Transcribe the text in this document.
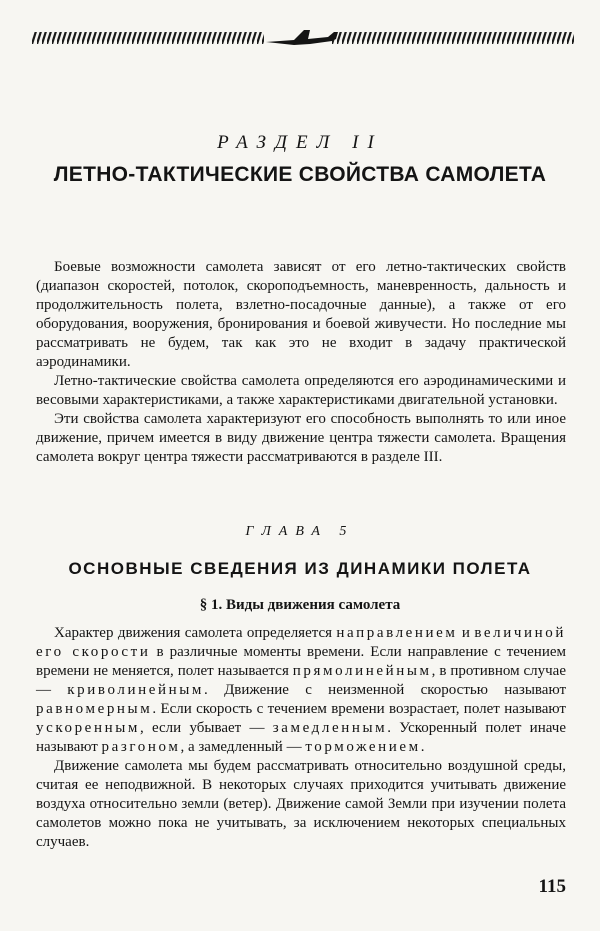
РАЗДЕЛ II
ЛЕТНО-ТАКТИЧЕСКИЕ СВОЙСТВА САМОЛЕТА

Боевые возможности самолета зависят от его летно-тактических свойств (диапазон скоростей, потолок, скороподъемность, маневренность, дальность и продолжительность полета, взлетно-посадочные данные), а также от его оборудования, вооружения, бронирования и боевой живучести. Но последние мы рассматривать не будем, так как это не входит в задачу практической аэродинамики.

Летно-тактические свойства самолета определяются его аэродинамическими и весовыми характеристиками, а также характеристиками двигательной установки.

Эти свойства самолета характеризуют его способность выполнять то или иное движение, причем имеется в виду движение центра тяжести самолета. Вращения самолета вокруг центра тяжести рассматриваются в разделе III.

ГЛАВА 5
ОСНОВНЫЕ СВЕДЕНИЯ ИЗ ДИНАМИКИ ПОЛЕТА
§ 1. Виды движения самолета

Характер движения самолета определяется направлением и величиной его скорости в различные моменты времени. Если направление с течением времени не меняется, полет называется прямолинейным, в противном случае — криволинейным. Движение с неизменной скоростью называют равномерным. Если скорость с течением времени возрастает, полет называют ускоренным, если убывает — замедленным. Ускоренный полет иначе называют разгоном, а замедленный — торможением.

Движение самолета мы будем рассматривать относительно воздушной среды, считая ее неподвижной. В некоторых случаях приходится учитывать движение воздуха относительно земли (ветер). Движение самой Земли при изучении полета самолетов можно пока не учитывать, за исключением некоторых специальных случаев.

115
